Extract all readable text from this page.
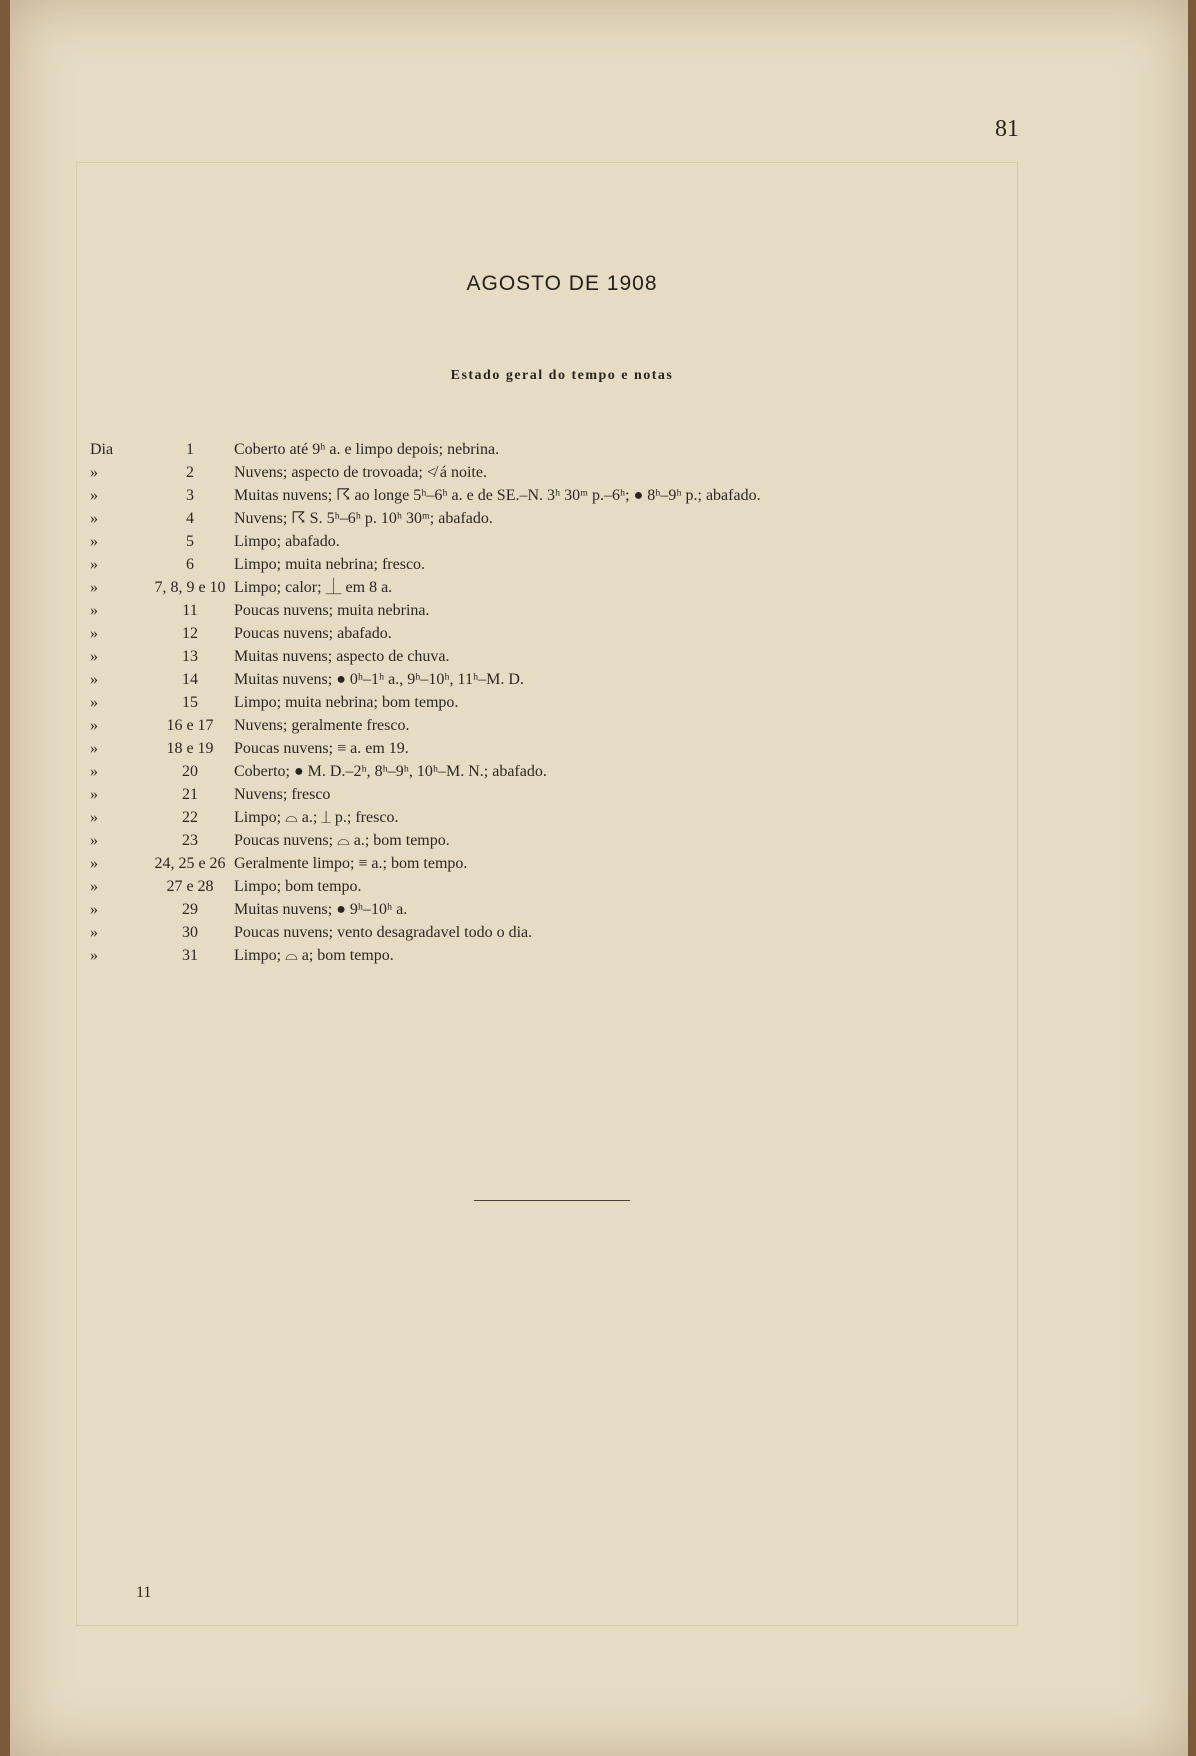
81
AGOSTO DE 1908
Estado geral do tempo e notas
Dia	1	Coberto até 9ʰ a. e limpo depois; nebrina.
»	2	Nuvens; aspecto de trovoada; ≮ á noite.
»	3	Muitas nuvens; ☈ ao longe 5ʰ–6ʰ a. e de SE.–N. 3ʰ 30ᵐ p.–6ʰ; ● 8ʰ–9ʰ p.; abafado.
»	4	Nuvens; ☈ S. 5ʰ–6ʰ p. 10ʰ 30ᵐ; abafado.
»	5	Limpo; abafado.
»	6	Limpo; muita nebrina; fresco.
»	7, 8, 9 e 10 Limpo; calor; ⏊ em 8 a.
»	11	Poucas nuvens; muita nebrina.
»	12	Poucas nuvens; abafado.
»	13	Muitas nuvens; aspecto de chuva.
»	14	Muitas nuvens; ● 0ʰ–1ʰ a., 9ʰ–10ʰ, 11ʰ–M. D.
»	15	Limpo; muita nebrina; bom tempo.
»	16 e 17	Nuvens; geralmente fresco.
»	18 e 19	Poucas nuvens; ≡ a. em 19.
»	20	Coberto; ● M. D.–2ʰ, 8ʰ–9ʰ, 10ʰ–M. N.; abafado.
»	21	Nuvens; fresco
»	22	Limpo; ⌓ a.; ⏊ p.; fresco.
»	23	Poucas nuvens; ⌓ a.; bom tempo.
»	24, 25 e 26 Geralmente limpo; ≡ a.; bom tempo.
»	27 e 28	Limpo; bom tempo.
»	29	Muitas nuvens; ● 9ʰ–10ʰ a.
»	30	Poucas nuvens; vento desagradavel todo o dia.
»	31	Limpo; ⌓ a; bom tempo.
11
